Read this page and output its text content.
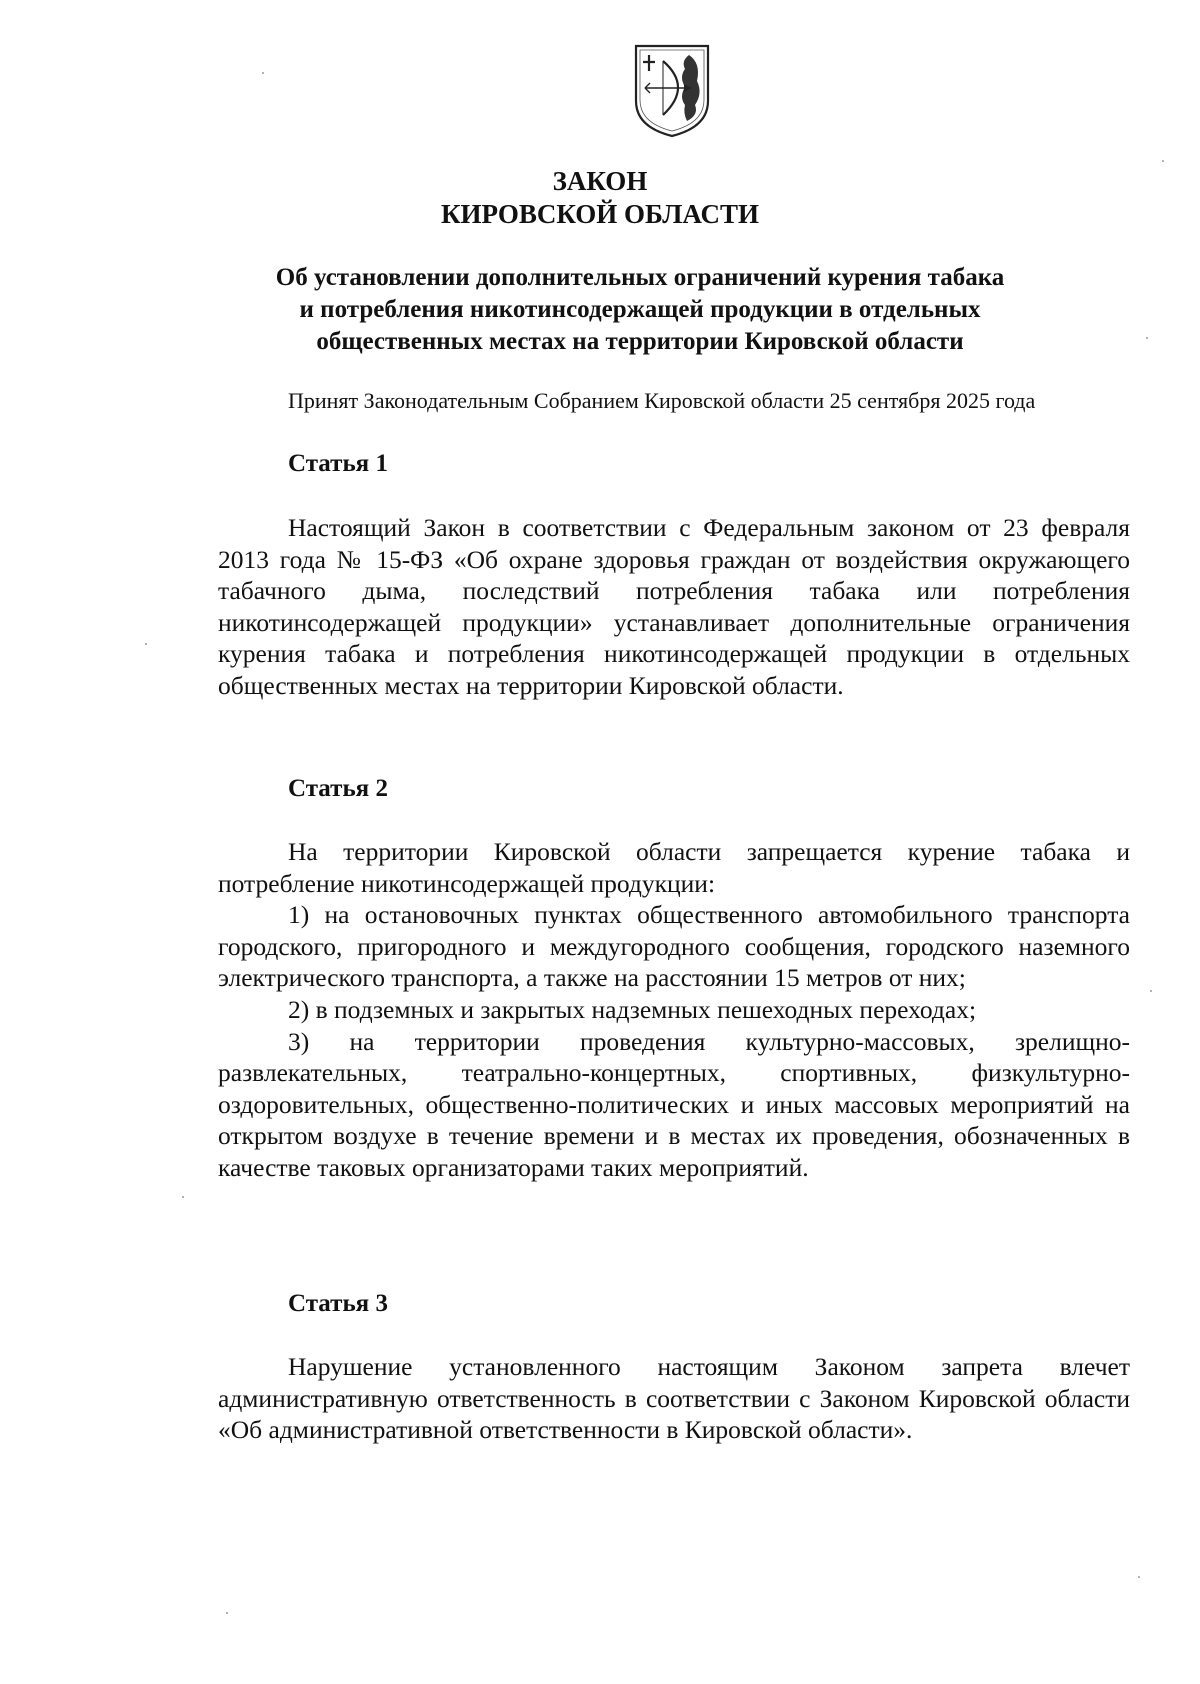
ЗАКОН
КИРОВСКОЙ ОБЛАСТИ
Об установлении дополнительных ограничений курения табака
и потребления никотинсодержащей продукции в отдельных
общественных местах на территории Кировской области
Принят Законодательным Собранием Кировской области 25 сентября 2025 года
Статья 1

Настоящий Закон в соответствии с Федеральным законом от 23 февраля 2013 года № 15-ФЗ «Об охране здоровья граждан от воздействия окружающего табачного дыма, последствий потребления табака или потребления никотинсодержащей продукции» устанавливает дополнительные ограничения курения табака и потребления никотинсодержащей продукции в отдельных общественных местах на территории Кировской области.

Статья 2

На территории Кировской области запрещается курение табака и потребление никотинсодержащей продукции:

1) на остановочных пунктах общественного автомобильного транспорта городского, пригородного и междугородного сообщения, городского наземного электрического транспорта, а также на расстоянии 15 метров от них;

2) в подземных и закрытых надземных пешеходных переходах;

3) на территории проведения культурно-массовых, зрелищно-развлекательных, театрально-концертных, спортивных, физкультурно-оздоровительных, общественно-политических и иных массовых мероприятий на открытом воздухе в течение времени и в местах их проведения, обозначенных в качестве таковых организаторами таких мероприятий.

Статья 3

Нарушение установленного настоящим Законом запрета влечет административную ответственность в соответствии с Законом Кировской области «Об административной ответственности в Кировской области».
